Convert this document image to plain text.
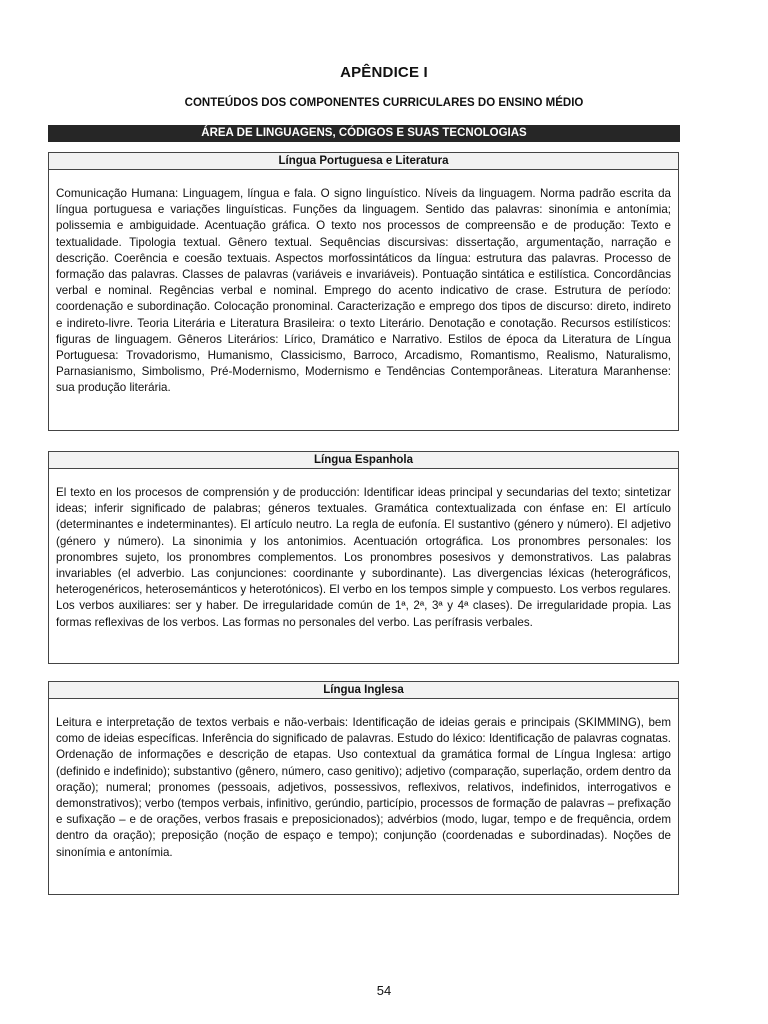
APÊNDICE I
CONTEÚDOS DOS COMPONENTES CURRICULARES DO ENSINO MÉDIO
ÁREA DE LINGUAGENS, CÓDIGOS E SUAS TECNOLOGIAS
Língua Portuguesa e Literatura
Comunicação Humana: Linguagem, língua e fala. O signo linguístico. Níveis da linguagem. Norma padrão escrita da língua portuguesa e variações linguísticas. Funções da linguagem. Sentido das palavras: sinonímia e antonímia; polissemia e ambiguidade. Acentuação gráfica. O texto nos processos de compreensão e de produção: Texto e textualidade. Tipologia textual. Gênero textual. Sequências discursivas: dissertação, argumentação, narração e descrição. Coerência e coesão textuais. Aspectos morfossintáticos da língua: estrutura das palavras. Processo de formação das palavras. Classes de palavras (variáveis e invariáveis). Pontuação sintática e estilística. Concordâncias verbal e nominal. Regências verbal e nominal. Emprego do acento indicativo de crase. Estrutura de período: coordenação e subordinação. Colocação pronominal. Caracterização e emprego dos tipos de discurso: direto, indireto e indireto-livre. Teoria Literária e Literatura Brasileira: o texto Literário. Denotação e conotação. Recursos estilísticos: figuras de linguagem. Gêneros Literários: Lírico, Dramático e Narrativo. Estilos de época da Literatura de Língua Portuguesa: Trovadorismo, Humanismo, Classicismo, Barroco, Arcadismo, Romantismo, Realismo, Naturalismo, Parnasianismo, Simbolismo, Pré-Modernismo, Modernismo e Tendências Contemporâneas. Literatura Maranhense: sua produção literária.
Língua Espanhola
El texto en los procesos de comprensión y de producción: Identificar ideas principal y secundarias del texto; sintetizar ideas; inferir significado de palabras; géneros textuales. Gramática contextualizada con énfase en: El artículo (determinantes e indeterminantes). El artículo neutro. La regla de eufonía. El sustantivo (género y número). El adjetivo (género y número). La sinonimia y los antonimios. Acentuación ortográfica. Los pronombres personales: los pronombres sujeto, los pronombres complementos. Los pronombres posesivos y demonstrativos. Las palabras invariables (el adverbio. Las conjunciones: coordinante y subordinante). Las divergencias léxicas (heterográficos, heterogenéricos, heterosemánticos y heterotónicos). El verbo en los tempos simple y compuesto. Los verbos regulares. Los verbos auxiliares: ser y haber. De irregularidade común de 1ª, 2ª, 3ª y 4ª clases). De irregularidade propia. Las formas reflexivas de los verbos. Las formas no personales del verbo. Las perífrasis verbales.
Língua Inglesa
Leitura e interpretação de textos verbais e não-verbais: Identificação de ideias gerais e principais (SKIMMING), bem como de ideias específicas. Inferência do significado de palavras. Estudo do léxico: Identificação de palavras cognatas. Ordenação de informações e descrição de etapas. Uso contextual da gramática formal de Língua Inglesa: artigo (definido e indefinido); substantivo (gênero, número, caso genitivo); adjetivo (comparação, superlação, ordem dentro da oração); numeral; pronomes (pessoais, adjetivos, possessivos, reflexivos, relativos, indefinidos, interrogativos e demonstrativos); verbo (tempos verbais, infinitivo, gerúndio, particípio, processos de formação de palavras – prefixação e sufixação – e de orações, verbos frasais e preposicionados); advérbios (modo, lugar, tempo e de frequência, ordem dentro da oração); preposição (noção de espaço e tempo); conjunção (coordenadas e subordinadas). Noções de sinonímia e antonímia.
54
